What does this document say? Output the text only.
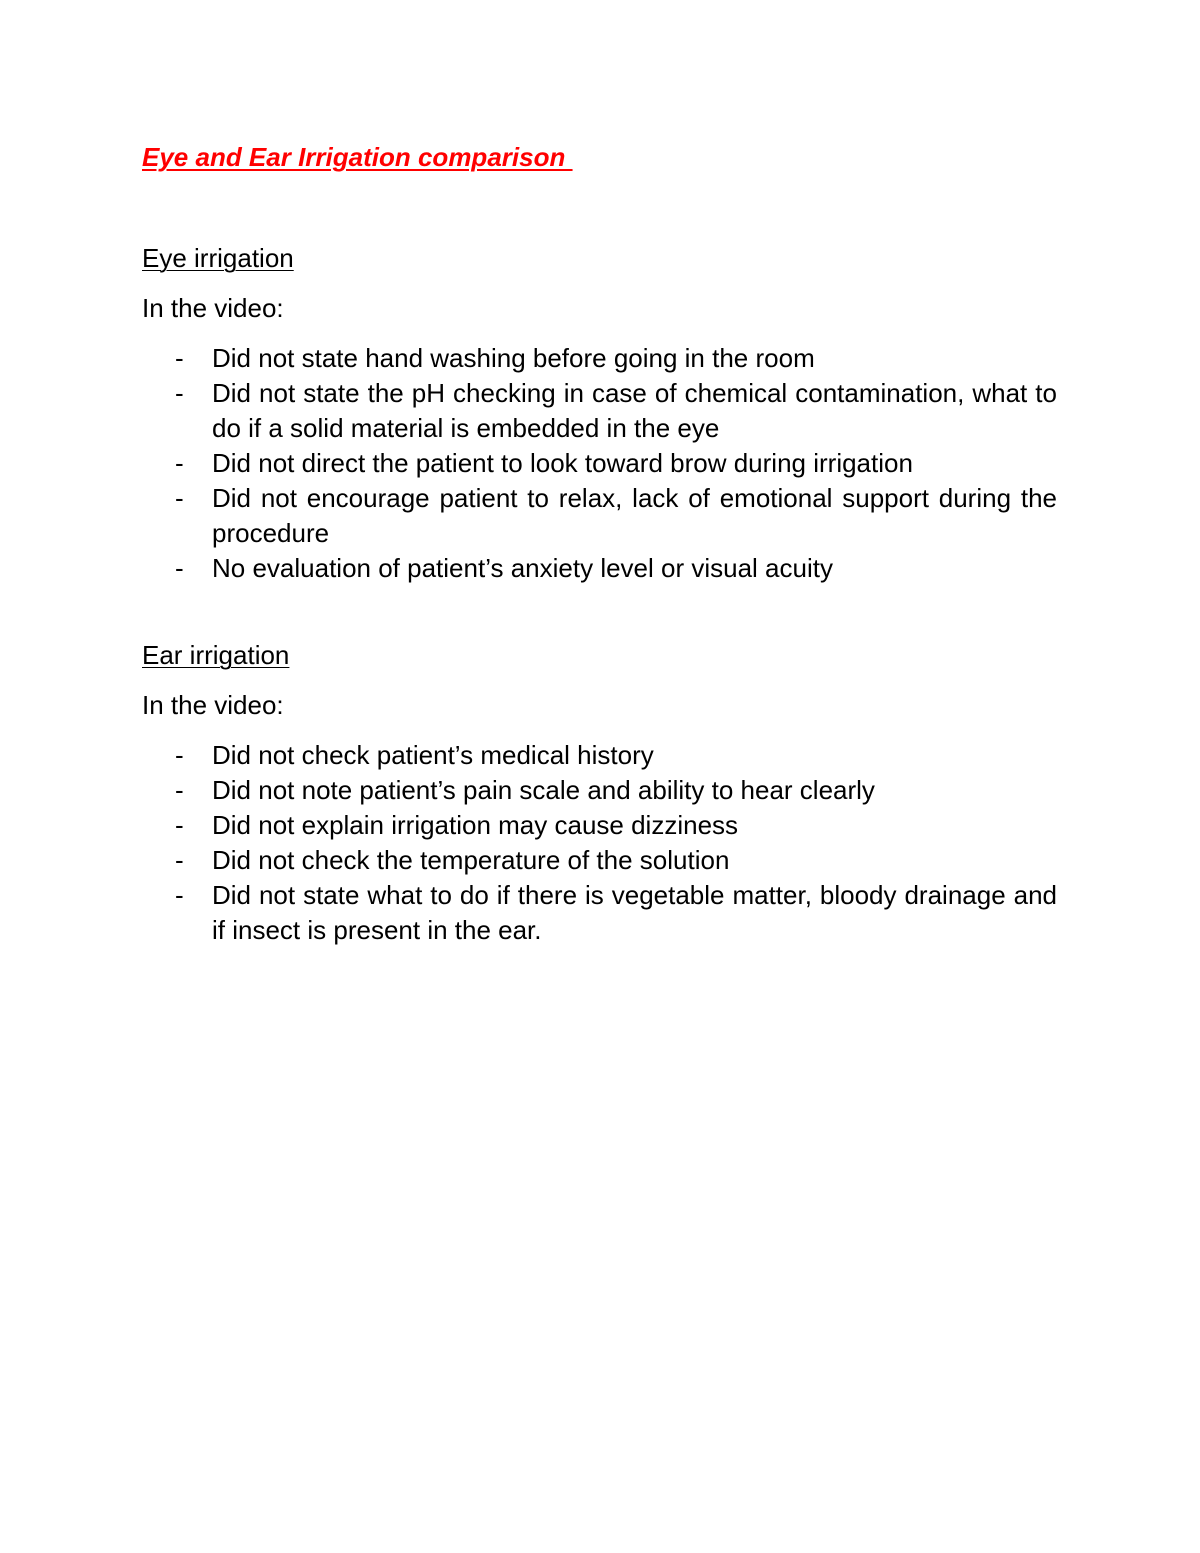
Eye and Ear Irrigation comparison
Eye irrigation

In the video:

- Did not state hand washing before going in the room
- Did not state the pH checking in case of chemical contamination, what to do if a solid material is embedded in the eye
- Did not direct the patient to look toward brow during irrigation
- Did not encourage patient to relax, lack of emotional support during the procedure
- No evaluation of patient’s anxiety level or visual acuity
Ear irrigation

In the video:

- Did not check patient’s medical history
- Did not note patient’s pain scale and ability to hear clearly
- Did not explain irrigation may cause dizziness
- Did not check the temperature of the solution
- Did not state what to do if there is vegetable matter, bloody drainage and if insect is present in the ear.
